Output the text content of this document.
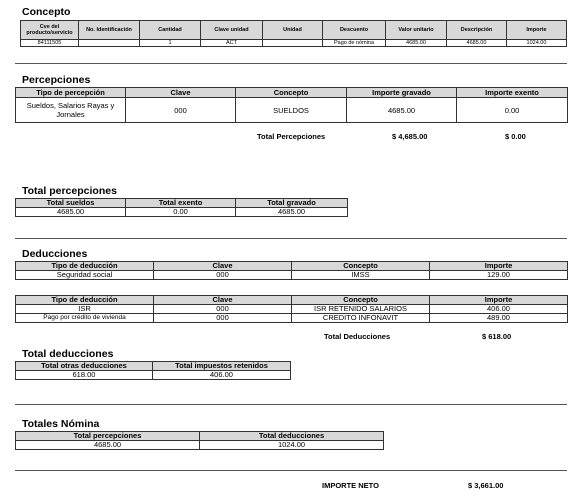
Concepto
Cve del producto/servicio	No. Identificación	Cantidad	Clave unidad	Unidad	Descuento	Valor unitario	Descripción	Importe
84111505		1	ACT		Pago de nómina	4685.00	4685.00	1024.00
Percepciones
Tipo de percepción	Clave	Concepto	Importe gravado	Importe exento
Sueldos, Salarios Rayas y Jornales	000	SUELDOS	4685.00	0.00
Total Percepciones	$ 4,685.00	$ 0.00
Total percepciones
Total sueldos	Total exento	Total gravado
4685.00	0.00	4685.00
Deducciones
Tipo de deducción	Clave	Concepto	Importe
Seguridad social	000	IMSS	129.00
Tipo de deducción	Clave	Concepto	Importe
ISR	000	ISR RETENIDO SALARIOS	406.00
Pago por crédito de vivienda	000	CREDITO INFONAVIT	489.00
Total Deducciones	$ 618.00
Total deducciones
Total otras deducciones	Total impuestos retenidos
618.00	406.00
Totales Nómina
Total percepciones	Total deducciones
4685.00	1024.00
IMPORTE NETO	$ 3,661.00
